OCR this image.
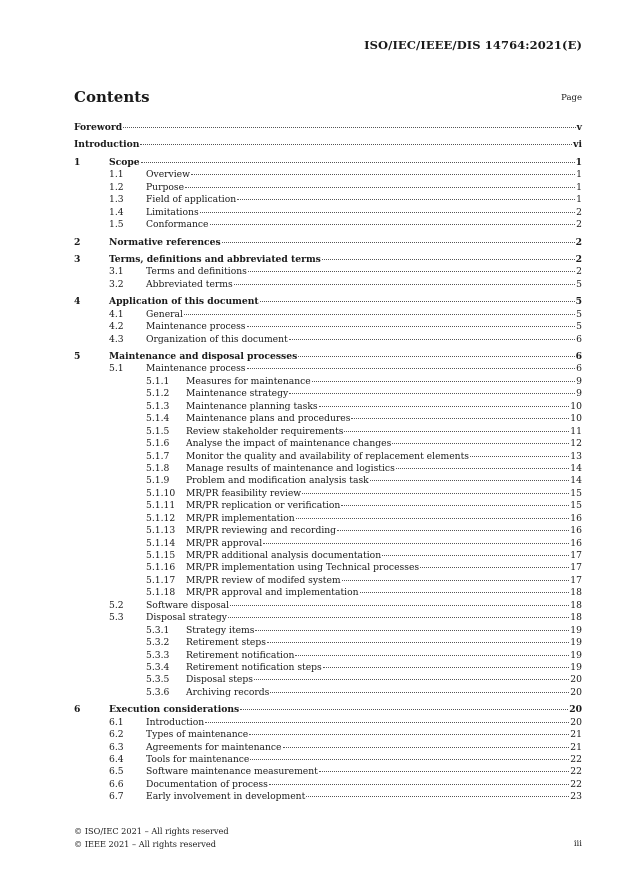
ISO/IEC/IEEE/DIS 14764:2021(E)
Contents	Page
Foreword	v
Introduction	vi
1	Scope	1
1.1 Overview	1
1.2 Purpose	1
1.3 Field of application	1
1.4 Limitations	2
1.5 Conformance	2
2	Normative references	2
3	Terms, definitions and abbreviated terms	2
3.1 Terms and definitions	2
3.2 Abbreviated terms	5
4	Application of this document	5
4.1 General	5
4.2 Maintenance process	5
4.3 Organization of this document	6
5	Maintenance and disposal processes	6
5.1 Maintenance process	6
5.1.1 Measures for maintenance	9
5.1.2 Maintenance strategy	9
5.1.3 Maintenance planning tasks	10
5.1.4 Maintenance plans and procedures	10
5.1.5 Review stakeholder requirements	11
5.1.6 Analyse the impact of maintenance changes	12
5.1.7 Monitor the quality and availability of replacement elements	13
5.1.8 Manage results of maintenance and logistics	14
5.1.9 Problem and modification analysis task	14
5.1.10 MR/PR feasibility review	15
5.1.11 MR/PR replication or verification	15
5.1.12 MR/PR implementation	16
5.1.13 MR/PR reviewing and recording	16
5.1.14 MR/PR approval	16
5.1.15 MR/PR additional analysis documentation	17
5.1.16 MR/PR implementation using Technical processes	17
5.1.17 MR/PR review of modifed system	17
5.1.18 MR/PR approval and implementation	18
5.2 Software disposal	18
5.3 Disposal strategy	18
5.3.1 Strategy items	19
5.3.2 Retirement steps	19
5.3.3 Retirement notification	19
5.3.4 Retirement notification steps	19
5.3.5 Disposal steps	20
5.3.6 Archiving records	20
6	Execution considerations	20
6.1 Introduction	20
6.2 Types of maintenance	21
6.3 Agreements for maintenance	21
6.4 Tools for maintenance	22
6.5 Software maintenance measurement	22
6.6 Documentation of process	22
6.7 Early involvement in development	23
© ISO/IEC 2021 – All rights reserved
© IEEE 2021 – All rights reserved	iii
